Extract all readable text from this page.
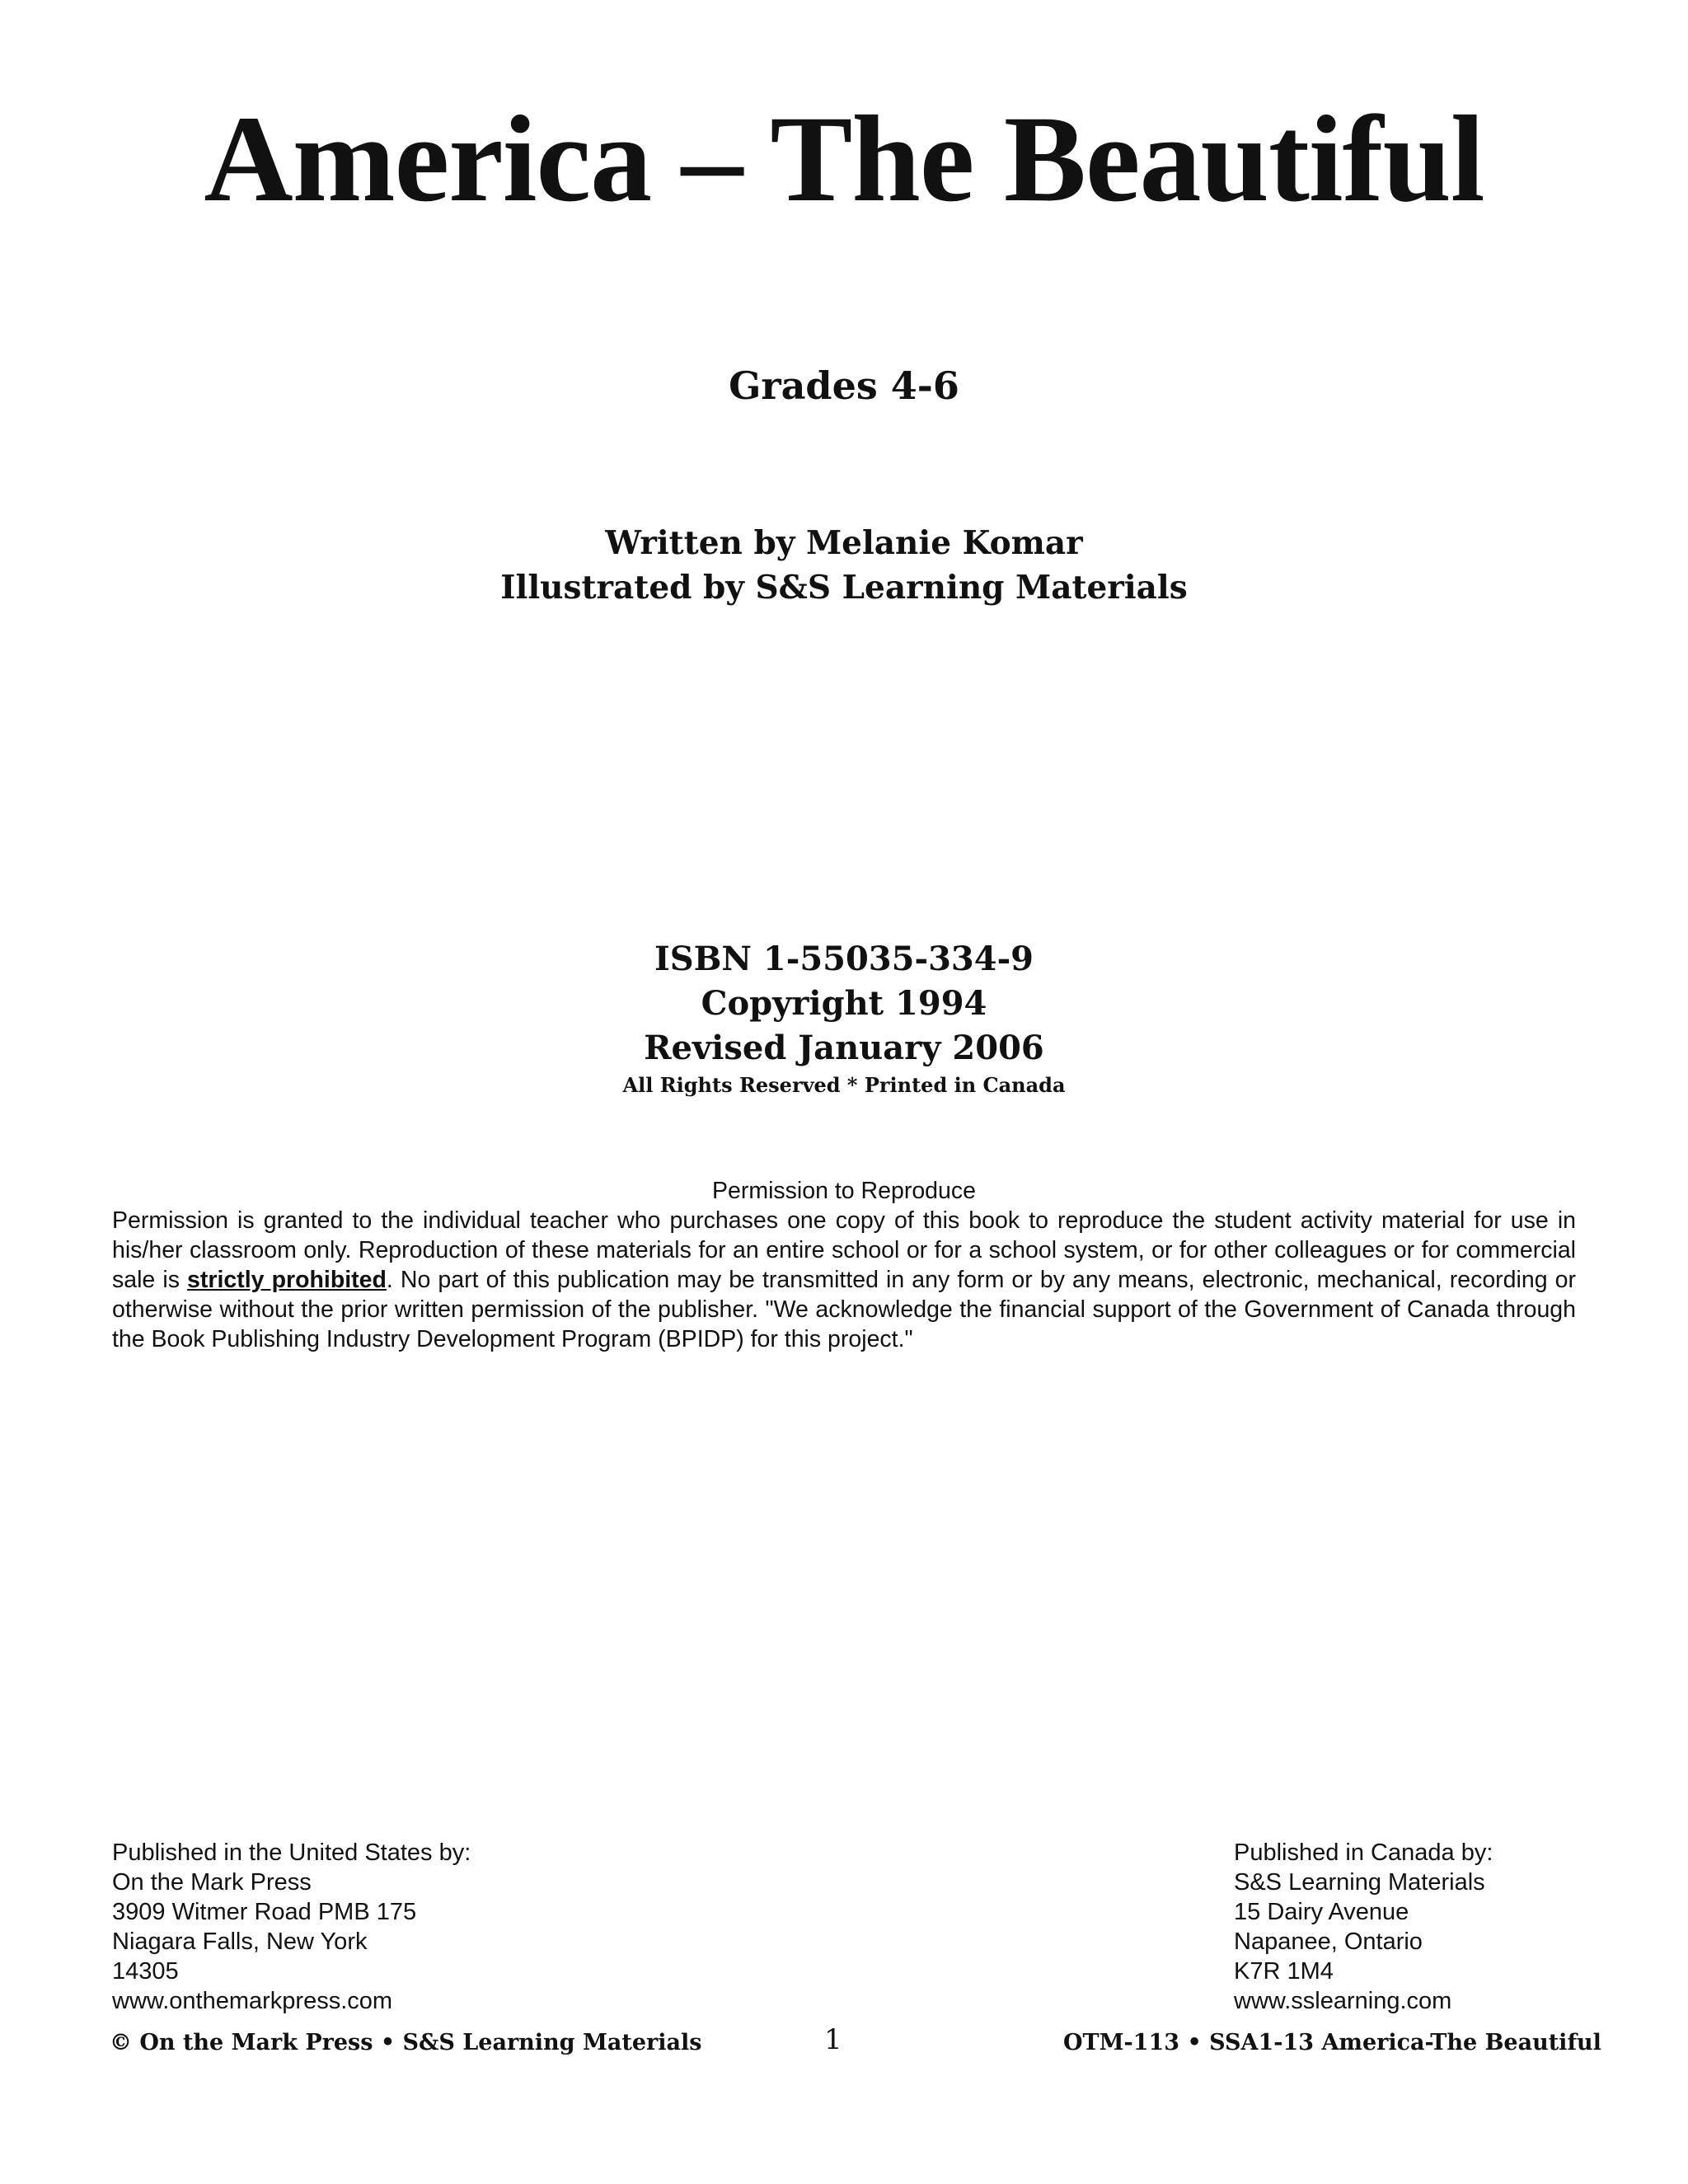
America – The Beautiful
Grades 4-6
Written by Melanie Komar
Illustrated by S&S Learning Materials
ISBN 1-55035-334-9
Copyright 1994
Revised January 2006
All Rights Reserved * Printed in Canada
Permission to Reproduce
Permission is granted to the individual teacher who purchases one copy of this book to reproduce the student activity material for use in his/her classroom only. Reproduction of these materials for an entire school or for a school system, or for other colleagues or for commercial sale is strictly prohibited. No part of this publication may be transmitted in any form or by any means, electronic, mechanical, recording or otherwise without the prior written permission of the publisher. "We acknowledge the financial support of the Government of Canada through the Book Publishing Industry Development Program (BPIDP) for this project."
Published in the United States by:
On the Mark Press
3909 Witmer Road PMB 175
Niagara Falls, New York
14305
www.onthemarkpress.com
Published in Canada by:
S&S Learning Materials
15 Dairy Avenue
Napanee, Ontario
K7R 1M4
www.sslearning.com
© On the Mark Press • S&S Learning Materials	1	OTM-113 • SSA1-13 America-The Beautiful
